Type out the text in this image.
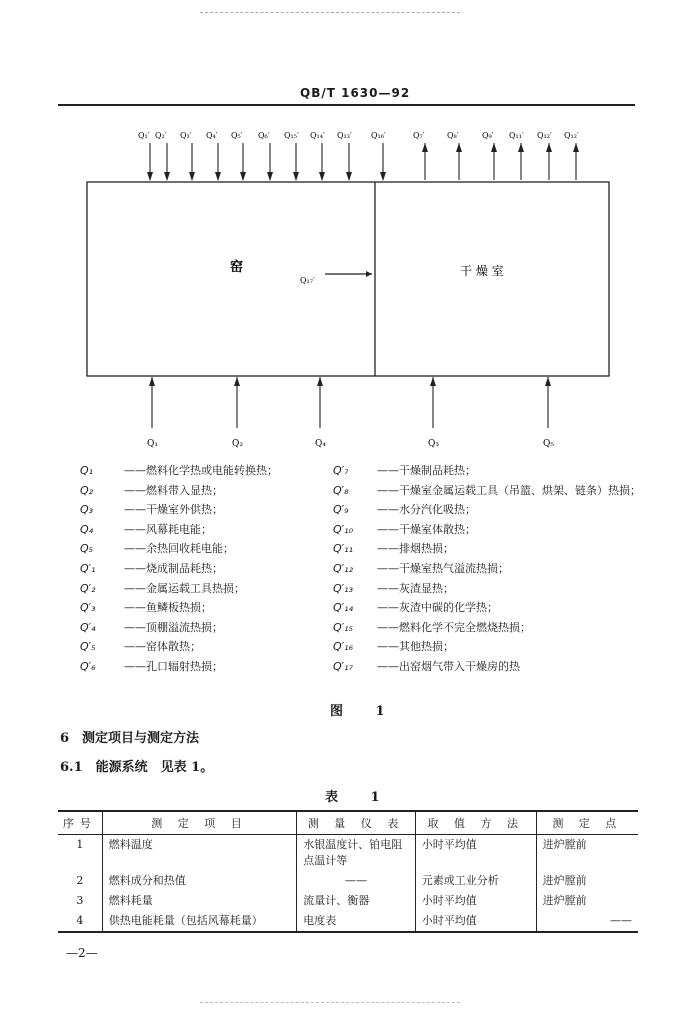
QB/T 1630—92
Q₁′ Q₂′ Q₃′ Q₄′ Q₅′ Q₆′ Q₁₅′ Q₁₄′ Q₁₃′ Q₁₆′	Q₇′	Q₈′	Q₉′ Q₁₁′ Q₁₂′ Q₁₂′
Q₁	Q₂	Q₄	Q₃	Q₅
窑	干 燥 室
Q₁₇′
Q₁	——燃料化学热或电能转换热；
Q₂	——燃料带入显热；
Q₃	——干燥室外供热；
Q₄	——风幕耗电能；
Q₅	——余热回收耗电能；
Q′₁	——烧成制品耗热；
Q′₂	——金属运载工具热损；
Q′₃	——鱼鳞板热损；
Q′₄	——顶棚溢流热损；
Q′₅	——窑体散热；
Q′₆	——孔口辐射热损；
Q′₇	——干燥制品耗热；
Q′₈	——干燥室金属运载工具（吊篮、烘架、链条）热损；
Q′₉	——水分汽化吸热；
Q′₁₀ ——干燥室体散热；
Q′₁₁ ——排烟热损；
Q′₁₂ ——干燥室热气溢流热损；
Q′₁₃ ——灰渣显热；
Q′₁₄ ——灰渣中碳的化学热；
Q′₁₅ ——燃料化学不完全燃烧热损；
Q′₁₆ ——其他热损；
Q′₁₇ ——出窑烟气带入干燥房的热
图 1
6　测定项目与测定方法
6.1　能源系统　见表 1。
表 1
序号	测 定 项 目	测 量 仪 表	取 值 方 法	测 定 点
1	燃料温度	水银温度计、铂电阻点温计等	小时平均值	进炉膛前
2	燃料成分和热值	——	元素或工业分析	进炉膛前
3	燃料耗量	流量计、衡器	小时平均值	进炉膛前
4	供热电能耗量（包括风幕耗量）	电度表	小时平均值	——
—2—
